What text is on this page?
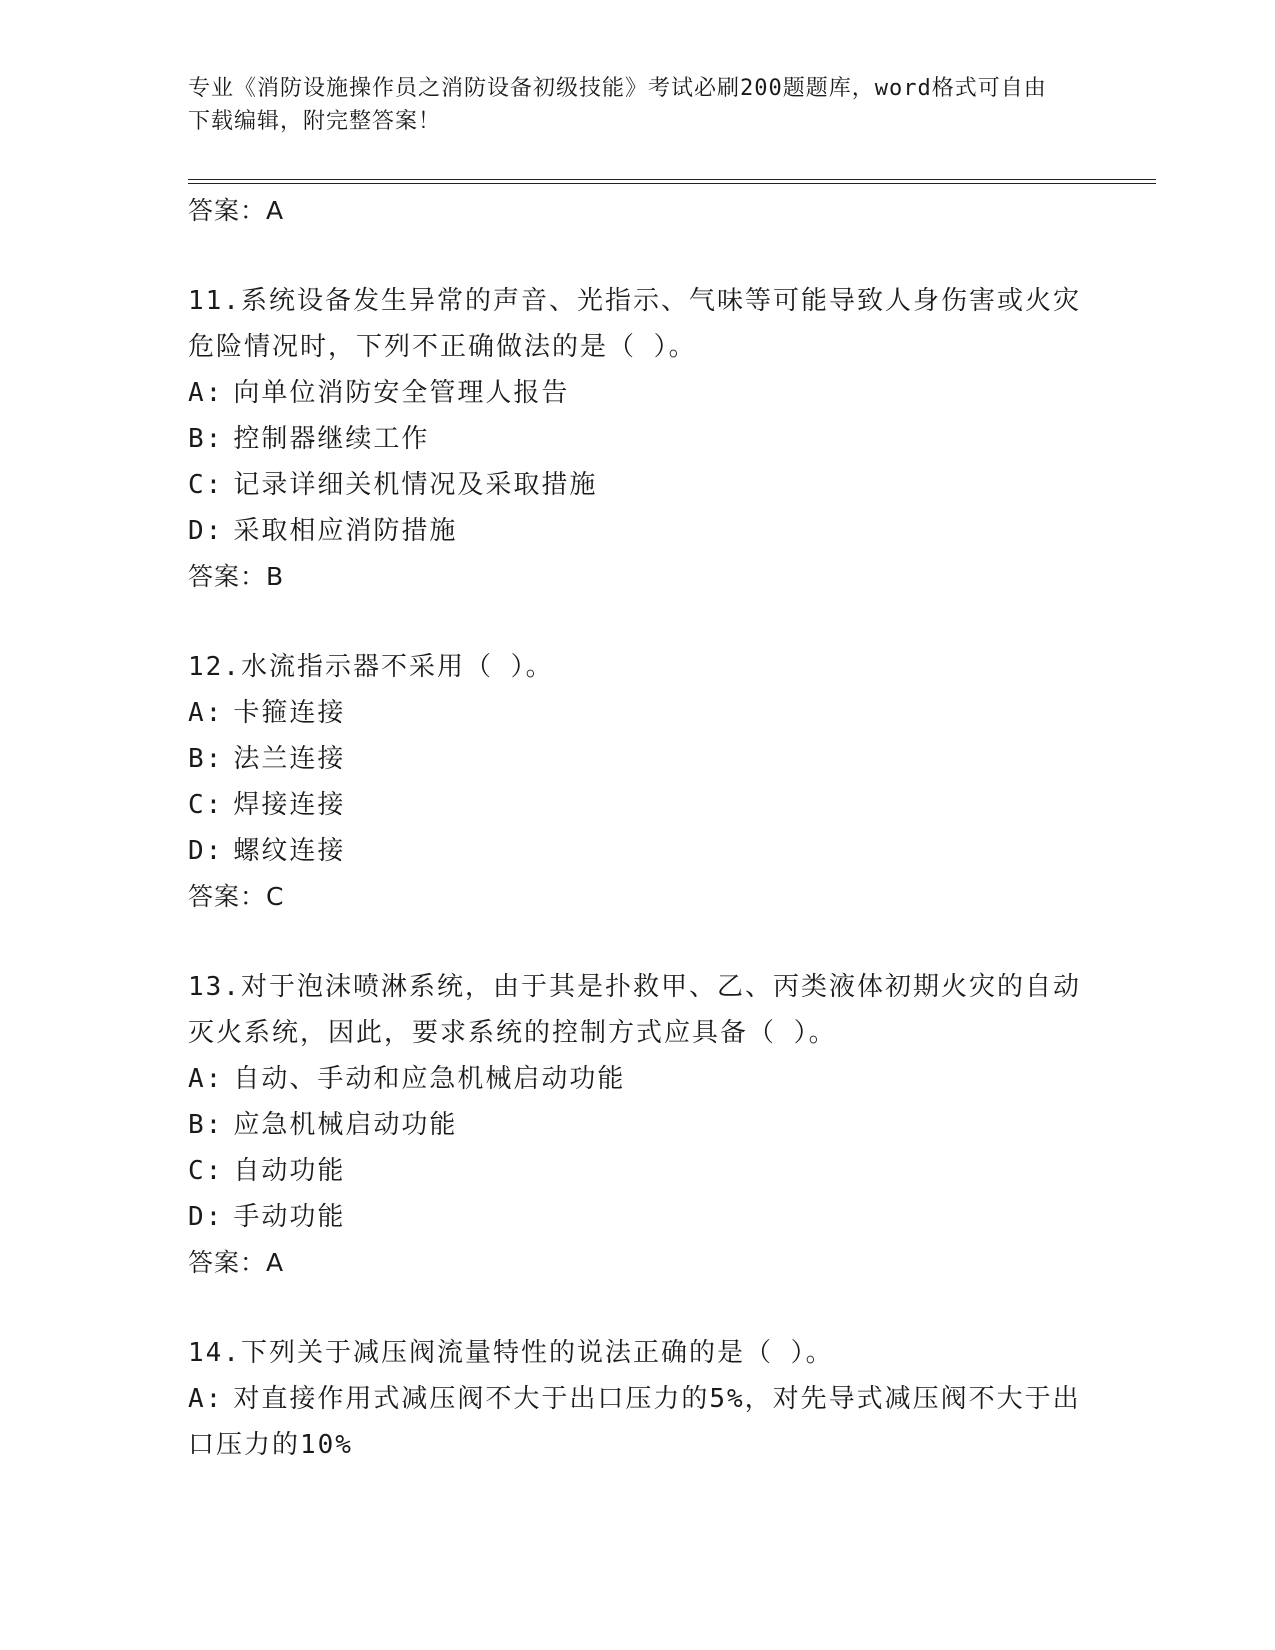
专业《消防设施操作员之消防设备初级技能》考试必刷200题题库，word格式可自由下载编辑，附完整答案！
答案：A
11.系统设备发生异常的声音、光指示、气味等可能导致人身伤害或火灾危险情况时，下列不正确做法的是（ ）。
A: 向单位消防安全管理人报告
B: 控制器继续工作
C: 记录详细关机情况及采取措施
D: 采取相应消防措施
答案：B
12.水流指示器不采用（ ）。
A: 卡箍连接
B: 法兰连接
C: 焊接连接
D: 螺纹连接
答案：C
13.对于泡沫喷淋系统，由于其是扑救甲、乙、丙类液体初期火灾的自动灭火系统，因此，要求系统的控制方式应具备（ ）。
A: 自动、手动和应急机械启动功能
B: 应急机械启动功能
C: 自动功能
D: 手动功能
答案：A
14.下列关于减压阀流量特性的说法正确的是（ ）。
A: 对直接作用式减压阀不大于出口压力的5%，对先导式减压阀不大于出口压力的10%
